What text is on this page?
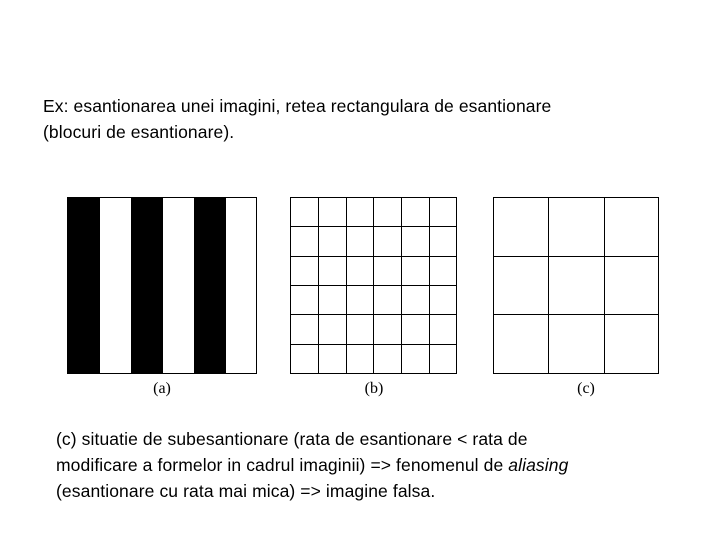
Ex: esantionarea unei imagini, retea rectangulara de esantionare
(blocuri de esantionare).
(a)	(b)	(c)
(c) situatie de subesantionare (rata de esantionare < rata de
modificare a formelor in cadrul imaginii) => fenomenul de aliasing
(esantionare cu rata mai mica) => imagine falsa.
